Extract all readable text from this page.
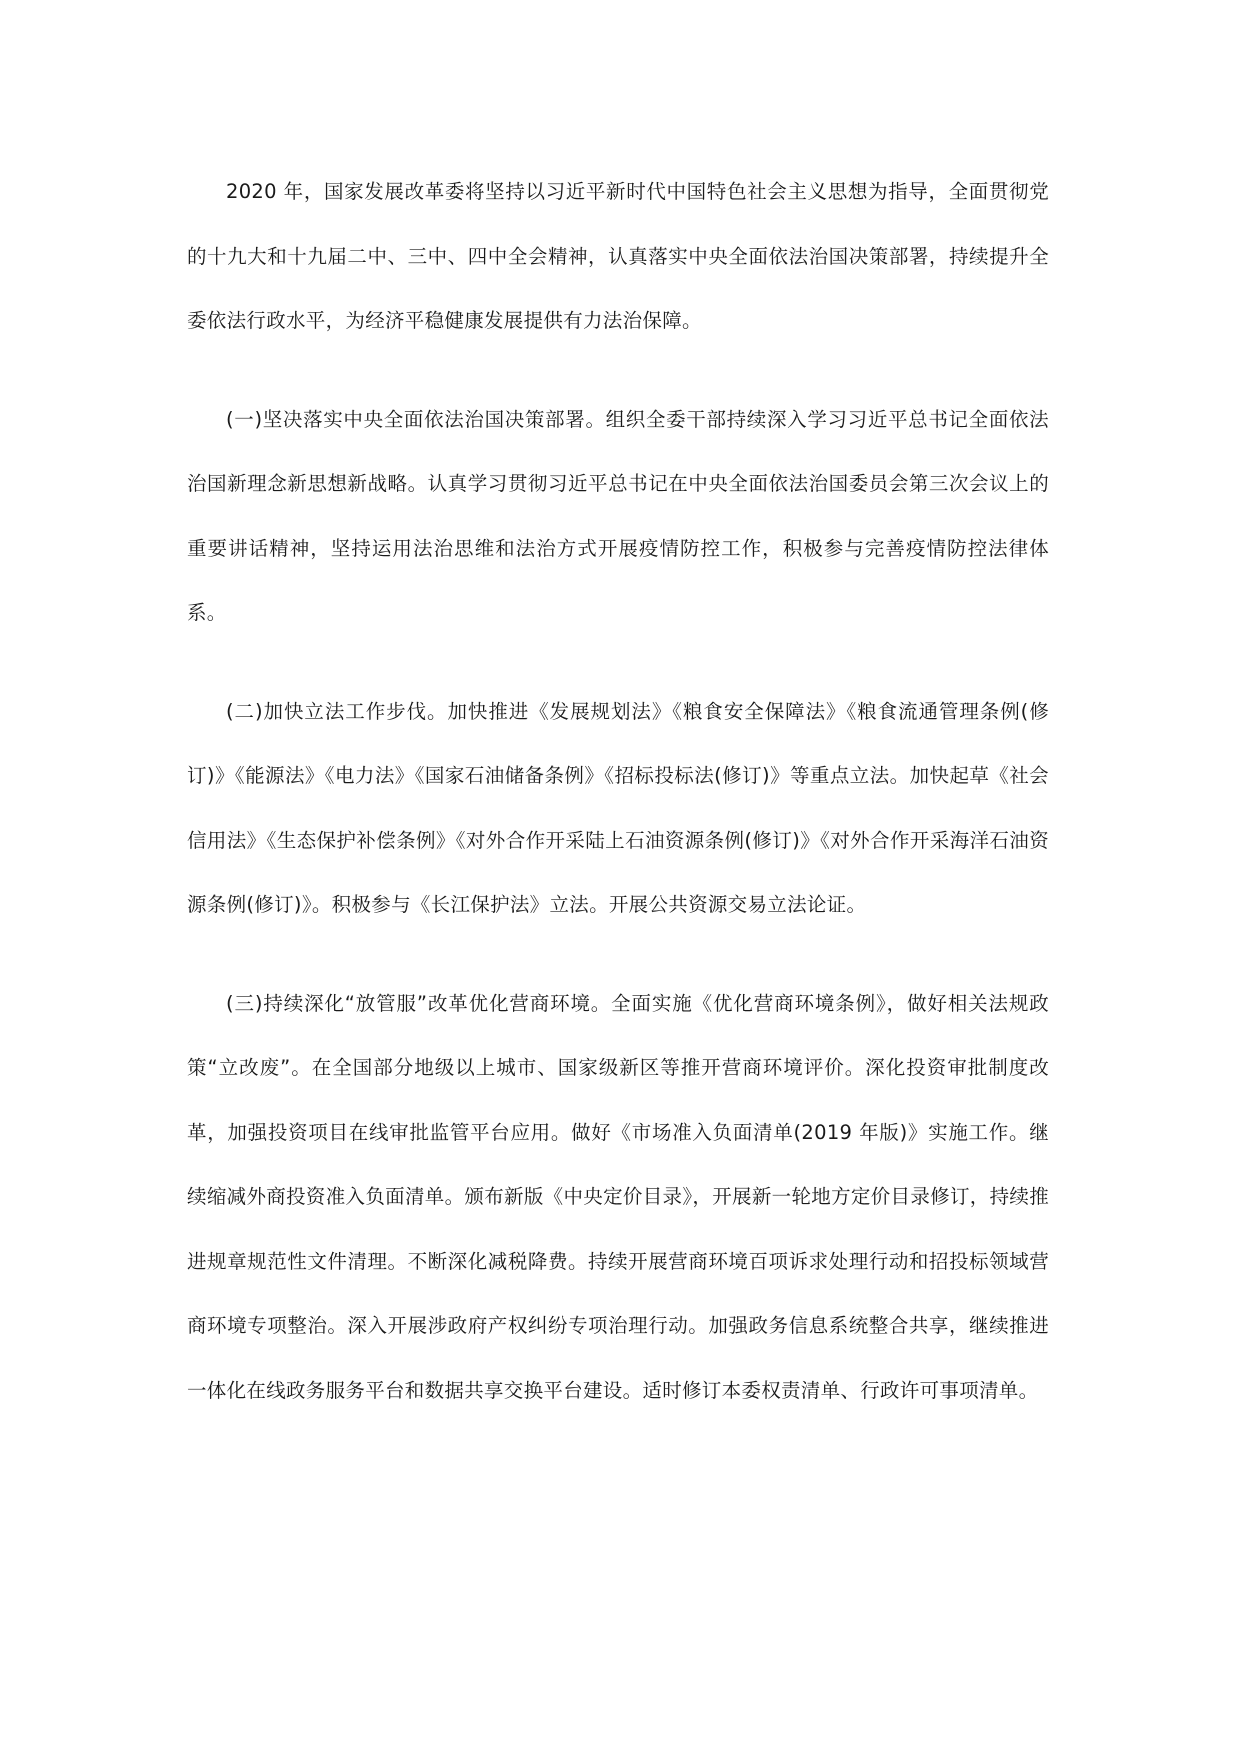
2020 年，国家发展改革委将坚持以习近平新时代中国特色社会主义思想为指导，全面贯彻党的十九大和十九届二中、三中、四中全会精神，认真落实中央全面依法治国决策部署，持续提升全委依法行政水平，为经济平稳健康发展提供有力法治保障。

(一)坚决落实中央全面依法治国决策部署。组织全委干部持续深入学习习近平总书记全面依法治国新理念新思想新战略。认真学习贯彻习近平总书记在中央全面依法治国委员会第三次会议上的重要讲话精神，坚持运用法治思维和法治方式开展疫情防控工作，积极参与完善疫情防控法律体系。

(二)加快立法工作步伐。加快推进《发展规划法》《粮食安全保障法》《粮食流通管理条例(修订)》《能源法》《电力法》《国家石油储备条例》《招标投标法(修订)》等重点立法。加快起草《社会信用法》《生态保护补偿条例》《对外合作开采陆上石油资源条例(修订)》《对外合作开采海洋石油资源条例(修订)》。积极参与《长江保护法》立法。开展公共资源交易立法论证。

(三)持续深化“放管服”改革优化营商环境。全面实施《优化营商环境条例》，做好相关法规政策“立改废”。在全国部分地级以上城市、国家级新区等推开营商环境评价。深化投资审批制度改革，加强投资项目在线审批监管平台应用。做好《市场准入负面清单(2019 年版)》实施工作。继续缩减外商投资准入负面清单。颁布新版《中央定价目录》，开展新一轮地方定价目录修订，持续推进规章规范性文件清理。不断深化减税降费。持续开展营商环境百项诉求处理行动和招投标领域营商环境专项整治。深入开展涉政府产权纠纷专项治理行动。加强政务信息系统整合共享，继续推进一体化在线政务服务平台和数据共享交换平台建设。适时修订本委权责清单、行政许可事项清单。
